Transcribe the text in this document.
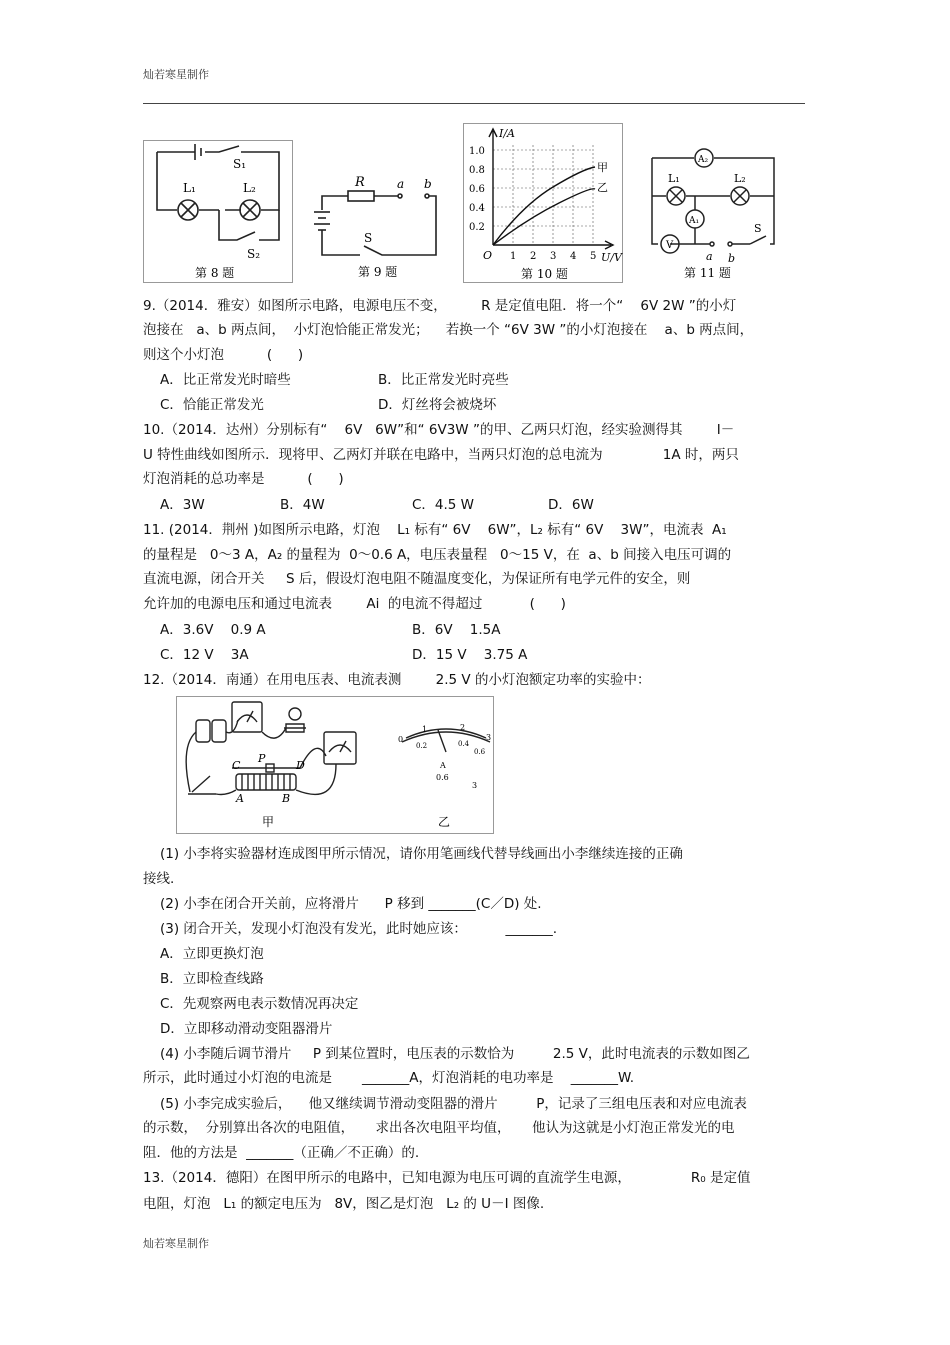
灿若寒星制作
S₁
L₁	L₂
S₂
第 8 题
R	a b
S
第 9 题
I/A
1.0
0.8
0.6
0.4
0.2
O 1 2 3 4 5 U/V
甲
乙
第 10 题
A₂
L₁	L₂
A₁
V
a b
S
第 11 题
9.（2014．雅安）如图所示电路，电源电压不变，        R 是定值电阻．将一个“    6V 2W ”的小灯
泡接在   a、b 两点间，  小灯泡恰能正常发光；    若换一个 “6V 3W ”的小灯泡接在    a、b 两点间，
则这个小灯泡          (      )
A．比正常发光时暗些	B．比正常发光时亮些
C．恰能正常发光	D．灯丝将会被烧坏
10.（2014．达州）分别标有“    6V   6W”和“ 6V3W ”的甲、乙两只灯泡，经实验测得其        I－
U 特性曲线如图所示．现将甲、乙两灯并联在电路中，当两只灯泡的总电流为              1A 时，两只
灯泡消耗的总功率是          (      )
A．3W	B．4W	C．4.5 W	D．6W
11. (2014．荆州 )如图所示电路，灯泡    L₁ 标有“ 6V    6W”，L₂ 标有“ 6V    3W”，电流表  A₁
的量程是   0～3 A，A₂ 的量程为  0～0.6 A，电压表量程   0～15 V，在  a、b 间接入电压可调的
直流电源，闭合开关     S 后，假设灯泡电阻不随温度变化，为保证所有电学元件的安全，则
允许加的电源电压和通过电流表        Ai  的电流不得超过           (      )
A．3.6V    0.9 A	B．6V    1.5A
C．12 V    3A	D．15 V    3.75 A
12.（2014．南通）在用电压表、电流表测        2.5 V 的小灯泡额定功率的实验中：
C
P
D
A	B
0
1	2
3
0.2	0.4
0.6
A
0.6
3
甲	乙
(1) 小李将实验器材连成图甲所示情况，请你用笔画线代替导线画出小李继续连接的正确
接线.
(2) 小李在闭合开关前，应将滑片      P 移到 _______(C／D) 处.
(3) 闭合开关，发现小灯泡没有发光，此时她应该：         _______.
A．立即更换灯泡
B．立即检查线路
C．先观察两电表示数情况再决定
D．立即移动滑动变阻器滑片
(4) 小李随后调节滑片     P 到某位置时，电压表的示数恰为         2.5 V，此时电流表的示数如图乙
所示，此时通过小灯泡的电流是       _______A，灯泡消耗的电功率是    _______W.
(5) 小李完成实验后，    他又继续调节滑动变阻器的滑片         P，记录了三组电压表和对应电流表
的示数，  分别算出各次的电阻值，     求出各次电阻平均值，     他认为这就是小灯泡正常发光的电
阻．他的方法是  _______（正确／不正确）的.
13.（2014．德阳）在图甲所示的电路中，已知电源为电压可调的直流学生电源，              R₀ 是定值
电阻，灯泡   L₁ 的额定电压为   8V，图乙是灯泡   L₂ 的 U－I 图像.
灿若寒星制作
